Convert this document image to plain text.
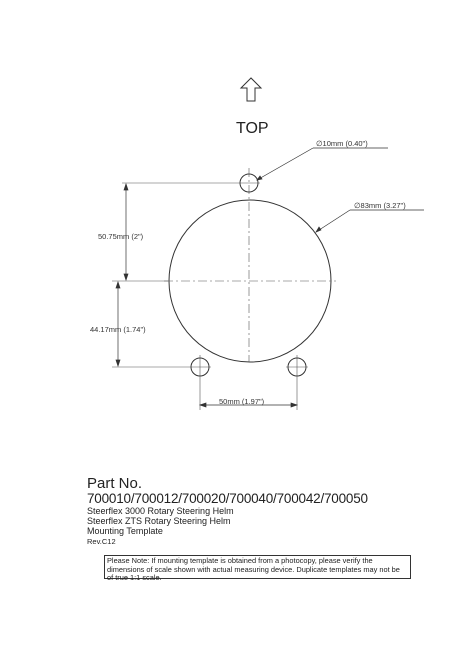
TOP
50.75mm (2")
44.17mm (1.74")
50mm (1.97")
∅10mm (0.40")
∅83mm (3.27")
Part No.
700010/700012/700020/700040/700042/700050
Steerflex 3000 Rotary Steering Helm
Steerflex ZTS Rotary Steering Helm
Mounting Template
Rev.C12
Please Note: If mounting template is obtained from a photocopy, please verify the dimensions of scale shown with actual measuring device. Duplicate templates may not be of true 1:1 scale.
